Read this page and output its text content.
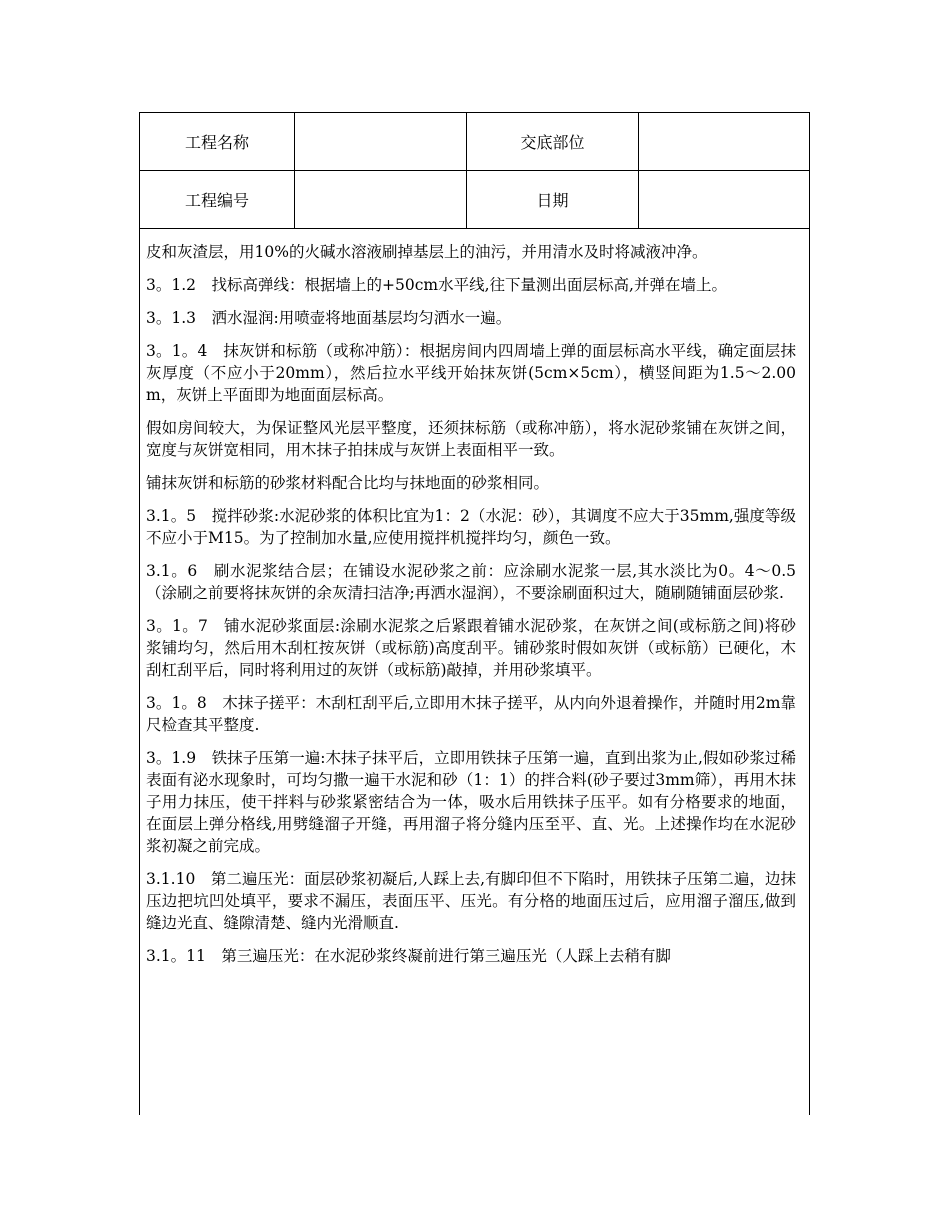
工程名称	交底部位
工程编号	日期

皮和灰渣层，用10%的火碱水溶液刷掉基层上的油污，并用清水及时将减液冲净。

3。1.2　找标高弹线：根据墙上的+50cm水平线,往下量测出面层标高,并弹在墙上。

3。1.3　洒水湿润:用喷壶将地面基层均匀洒水一遍。

3。1。4　抹灰饼和标筋（或称冲筋）：根据房间内四周墙上弹的面层标高水平线，确定面层抹灰厚度（不应小于20mm），然后拉水平线开始抹灰饼(5cm×5cm），横竖间距为1.5～2.00m，灰饼上平面即为地面面层标高。

假如房间较大，为保证整风光层平整度，还须抹标筋（或称冲筋），将水泥砂浆铺在灰饼之间，宽度与灰饼宽相同，用木抹子拍抹成与灰饼上表面相平一致。

铺抹灰饼和标筋的砂浆材料配合比均与抹地面的砂浆相同。

3.1。5　搅拌砂浆:水泥砂浆的体积比宜为1：2（水泥：砂），其调度不应大于35mm,强度等级不应小于M15。为了控制加水量,应使用搅拌机搅拌均匀，颜色一致。

3.1。6　刷水泥浆结合层；在铺设水泥砂浆之前：应涂刷水泥浆一层,其水淡比为0。4～0.5（涂刷之前要将抹灰饼的余灰清扫洁净;再洒水湿润），不要涂刷面积过大，随刷随铺面层砂浆.

3。1。7　铺水泥砂浆面层:涂刷水泥浆之后紧跟着铺水泥砂浆，在灰饼之间(或标筋之间)将砂浆铺均匀，然后用木刮杠按灰饼（或标筋)高度刮平。铺砂浆时假如灰饼（或标筋）已硬化，木刮杠刮平后，同时将利用过的灰饼（或标筋)敲掉，并用砂浆填平。

3。1。8　木抹子搓平：木刮杠刮平后,立即用木抹子搓平，从内向外退着操作，并随时用2m靠尺检查其平整度.

3。1.9　铁抹子压第一遍:木抹子抹平后，立即用铁抹子压第一遍，直到出浆为止,假如砂浆过稀表面有泌水现象时，可均匀撒一遍干水泥和砂（1：1）的拌合料(砂子要过3mm筛），再用木抹子用力抹压，使干拌料与砂浆紧密结合为一体，吸水后用铁抹子压平。如有分格要求的地面，在面层上弹分格线,用劈缝溜子开缝，再用溜子将分缝内压至平、直、光。上述操作均在水泥砂浆初凝之前完成。

3.1.10　第二遍压光：面层砂浆初凝后,人踩上去,有脚印但不下陷时，用铁抹子压第二遍，边抹压边把坑凹处填平，要求不漏压，表面压平、压光。有分格的地面压过后，应用溜子溜压,做到缝边光直、缝隙清楚、缝内光滑顺直.

3.1。11　第三遍压光：在水泥砂浆终凝前进行第三遍压光（人踩上去稍有脚
